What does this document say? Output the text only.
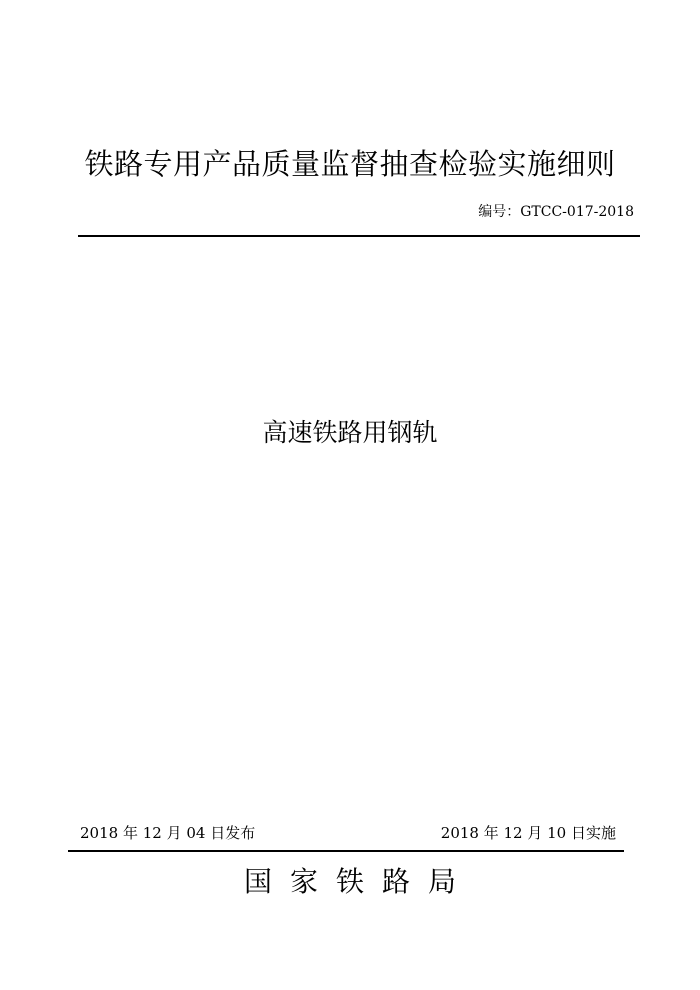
铁路专用产品质量监督抽查检验实施细则
编号：GTCC-017-2018
高速铁路用钢轨
2018 年 12 月 04 日发布	2018 年 12 月 10 日实施
国家铁路局
